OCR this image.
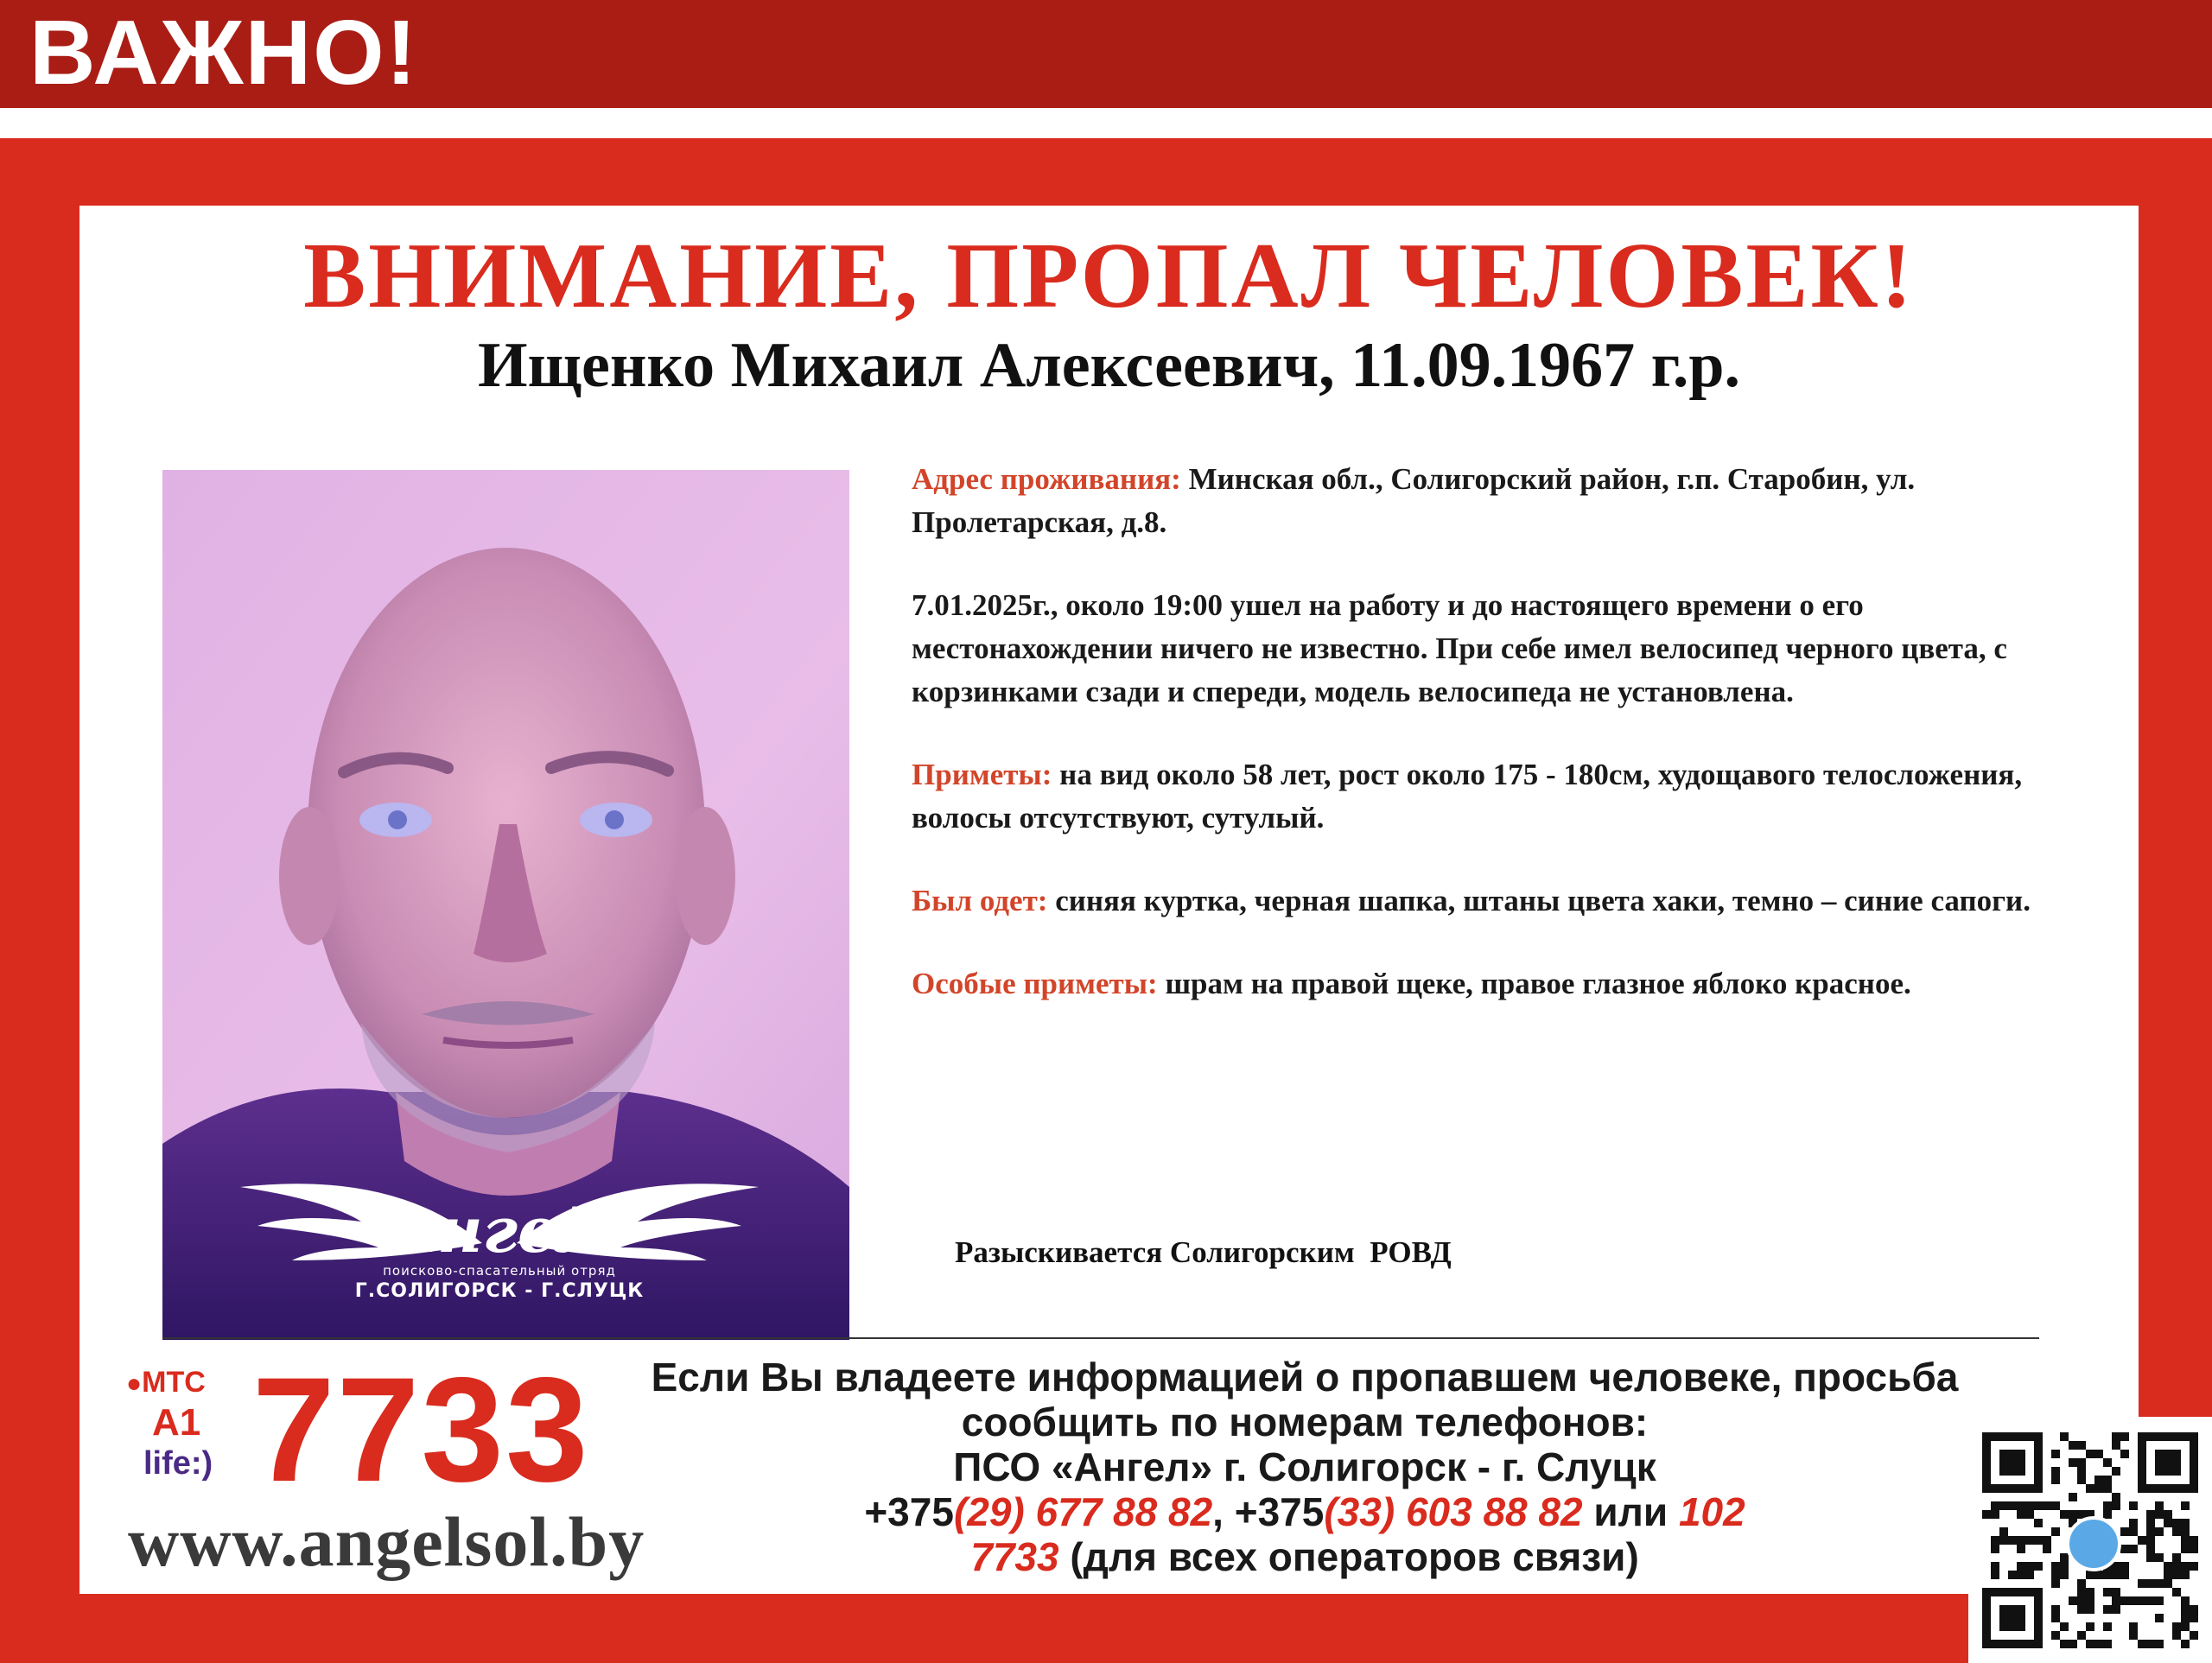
ВАЖНО!
ВНИМАНИЕ, ПРОПАЛ ЧЕЛОВЕК!
Ищенко Михаил Алексеевич, 11.09.1967 г.р.
АнгеЛ
поисково-спасательный отряд
Г.СОЛИГОРСК - Г.СЛУЦК

Адрес проживания: Минская обл., Солигорский район, г.п. Старобин, ул. Пролетарская, д.8.

7.01.2025г., около 19:00 ушел на работу и до настоящего времени о его местонахождении ничего не известно. При себе имел велосипед черного цвета, с корзинками сзади и спереди, модель велосипеда не установлена.

Приметы: на вид около 58 лет, рост около 175 - 180см, худощавого телосложения, волосы отсутствуют, сутулый.

Был одет: синяя куртка, черная шапка, штаны цвета хаки, темно – синие сапоги.

Особые приметы: шрам на правой щеке, правое глазное яблоко красное.

Разыскивается Солигорским  РОВД
●МТС
A1
life:) 7733
www.angelsol.by
Если Вы владеете информацией о пропавшем человеке, просьба
сообщить по номерам телефонов:
ПСО «Ангел» г. Солигорск - г. Слуцк
+375(29) 677 88 82, +375(33) 603 88 82 или 102
7733 (для всех операторов связи)
